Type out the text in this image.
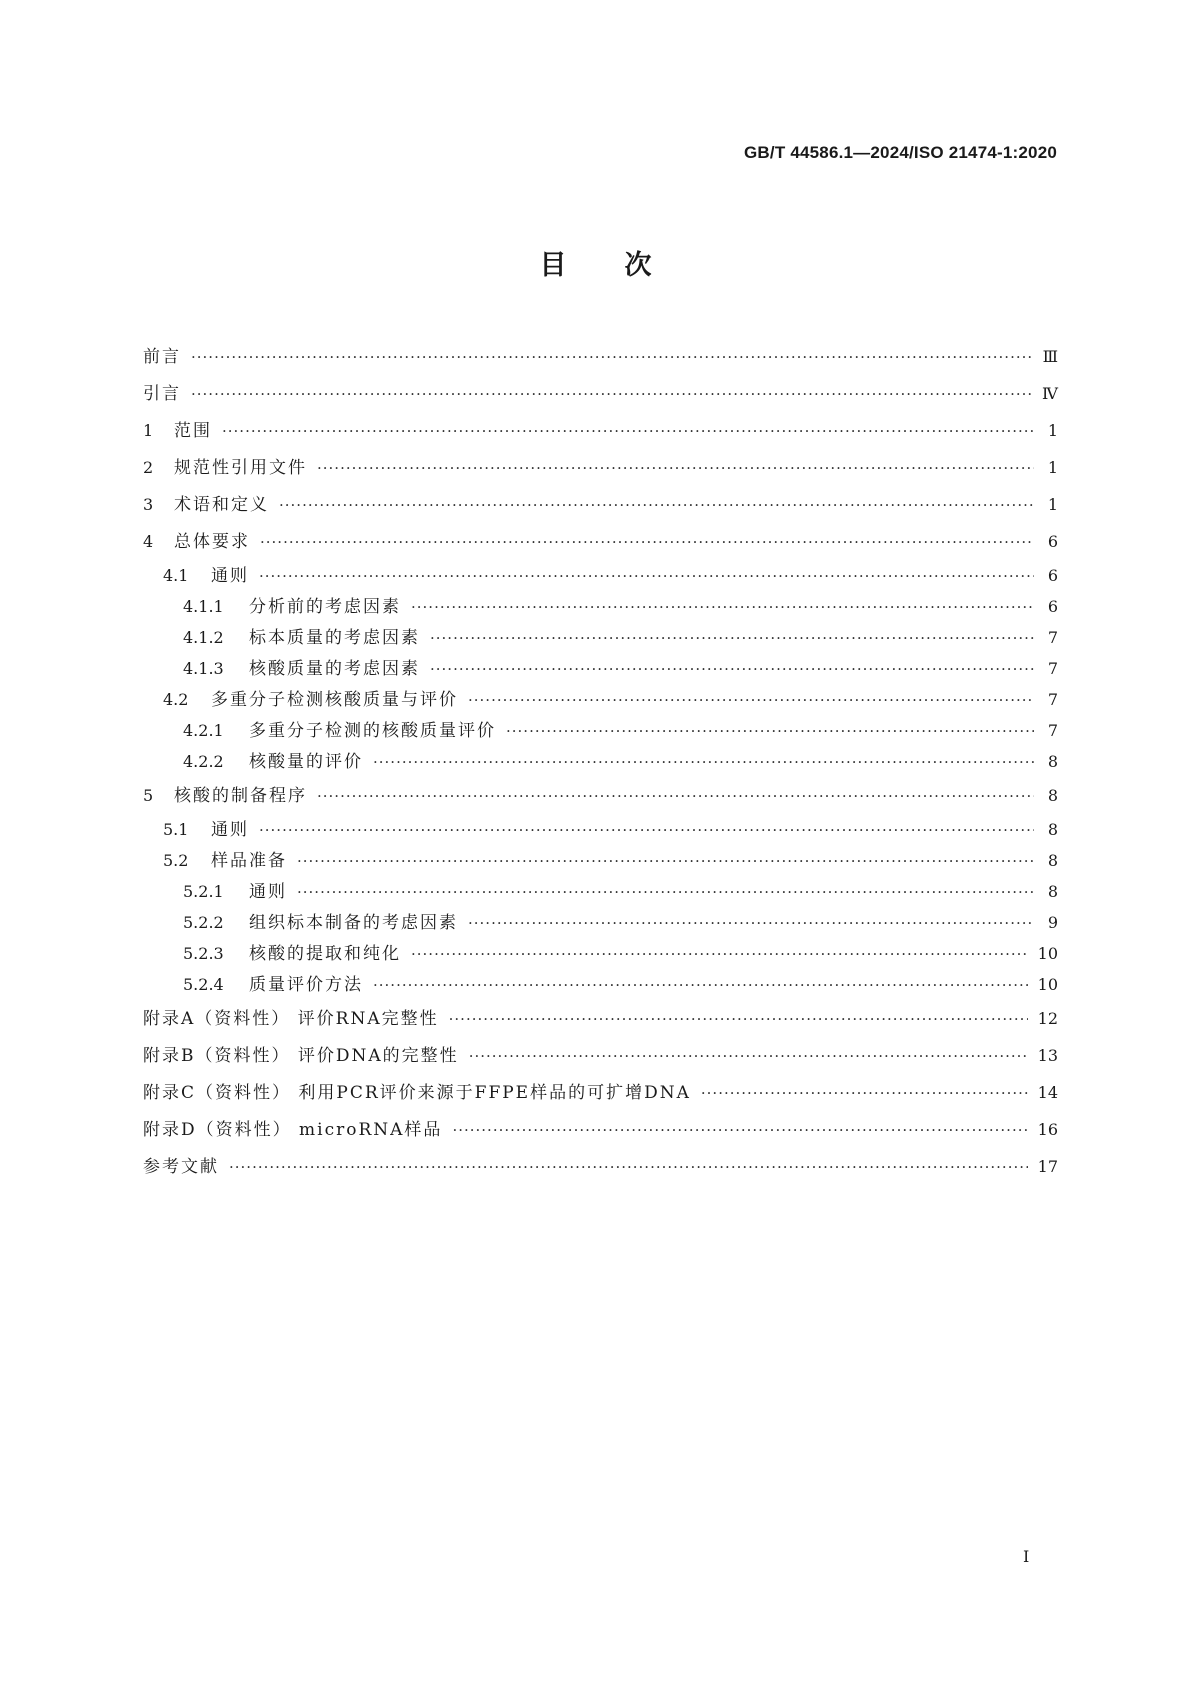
GB/T 44586.1—2024/ISO 21474-1:2020
目次
前言 ·····	Ⅲ
引言 ·····	Ⅳ
1 范围 ·····	1
2 规范性引用文件 ·····	1
3 术语和定义 ·····	1
4 总体要求 ·····	6
4.1 通则 ·····	6
4.1.1 分析前的考虑因素 ·····	6
4.1.2 标本质量的考虑因素 ·····	7
4.1.3 核酸质量的考虑因素 ·····	7
4.2 多重分子检测核酸质量与评价 ·····	7
4.2.1 多重分子检测的核酸质量评价 ·····	7
4.2.2 核酸量的评价 ·····	8
5 核酸的制备程序 ·····	8
5.1 通则 ·····	8
5.2 样品准备 ·····	8
5.2.1 通则 ·····	8
5.2.2 组织标本制备的考虑因素 ·····	9
5.2.3 核酸的提取和纯化 ·····	10
5.2.4 质量评价方法 ·····	10
附录A（资料性） 评价RNA完整性 ·····	12
附录B（资料性） 评价DNA的完整性 ·····	13
附录C（资料性） 利用PCR评价来源于FFPE样品的可扩增DNA ·····	14
附录D（资料性） microRNA样品 ·····	16
参考文献 ·····	17
I
